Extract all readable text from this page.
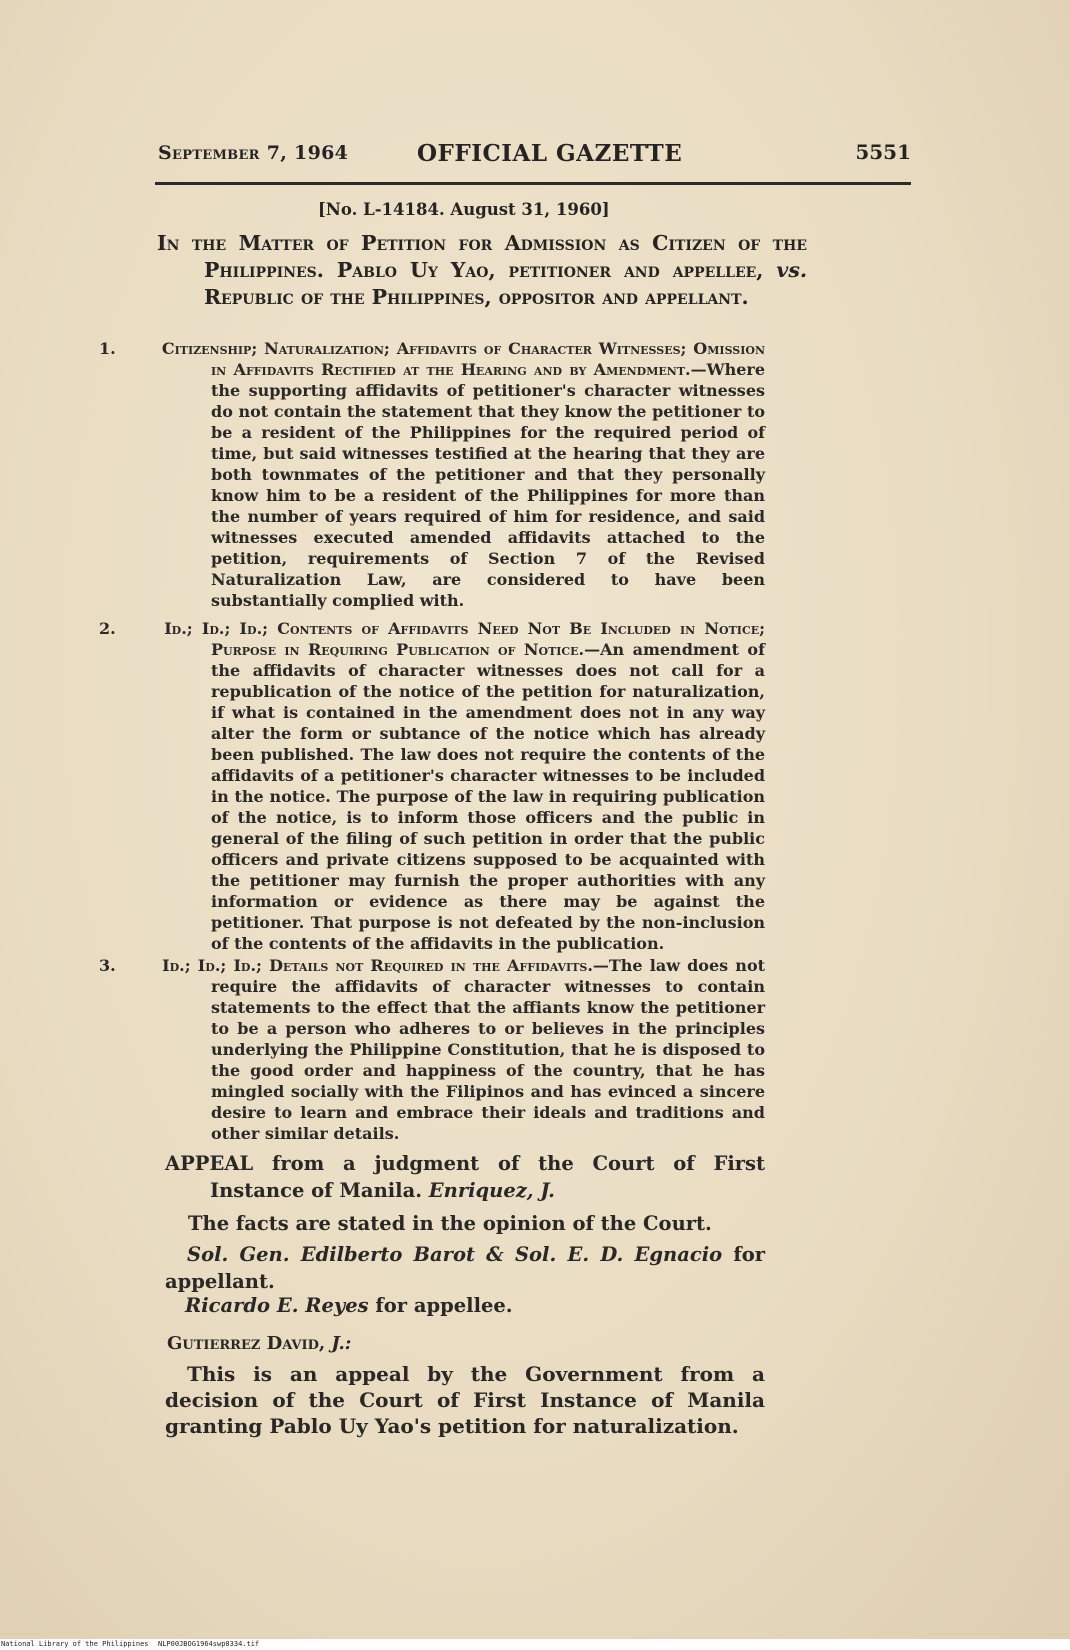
September 7, 1964	OFFICIAL GAZETTE	5551
[No. L-14184. August 31, 1960]
In the Matter of Petition for Admission as Citizen of the Philippines. Pablo Uy Yao, petitioner and appellee, vs. Republic of the Philippines, oppositor and appellant.
1.	Citizenship; Naturalization; Affidavits of Character Witnesses; Omission in Affidavits Rectified at the Hearing and by Amendment.—Where the supporting affidavits of petitioner's character witnesses do not contain the statement that they know the petitioner to be a resident of the Philippines for the required period of time, but said witnesses testified at the hearing that they are both townmates of the petitioner and that they personally know him to be a resident of the Philippines for more than the number of years required of him for residence, and said witnesses executed amended affidavits attached to the petition, requirements of Section 7 of the Revised Naturalization Law, are considered to have been substantially complied with.
2.	Id.; Id.; Id.; Contents of Affidavits Need Not Be Included in Notice; Purpose in Requiring Publication of Notice.—An amendment of the affidavits of character witnesses does not call for a republication of the notice of the petition for naturalization, if what is contained in the amendment does not in any way alter the form or subtance of the notice which has already been published. The law does not require the contents of the affidavits of a petitioner's character witnesses to be included in the notice. The purpose of the law in requiring publication of the notice, is to inform those officers and the public in general of the filing of such petition in order that the public officers and private citizens supposed to be acquainted with the petitioner may furnish the proper authorities with any information or evidence as there may be against the petitioner. That purpose is not defeated by the non-inclusion of the contents of the affidavits in the publication.
3.	Id.; Id.; Id.; Details not Required in the Affidavits.—The law does not require the affidavits of character witnesses to contain statements to the effect that the affiants know the petitioner to be a person who adheres to or believes in the principles underlying the Philippine Constitution, that he is disposed to the good order and happiness of the country, that he has mingled socially with the Filipinos and has evinced a sincere desire to learn and embrace their ideals and traditions and other similar details.
APPEAL from a judgment of the Court of First Instance of Manila. Enriquez, J.
The facts are stated in the opinion of the Court.
Sol. Gen. Edilberto Barot & Sol. E. D. Egnacio for appellant.
Ricardo E. Reyes for appellee.
Gutierrez David, J.:
This is an appeal by the Government from a decision of the Court of First Instance of Manila granting Pablo Uy Yao's petition for naturalization.
National Library of the Philippines NLP00JBOG1964swp0334.tif
